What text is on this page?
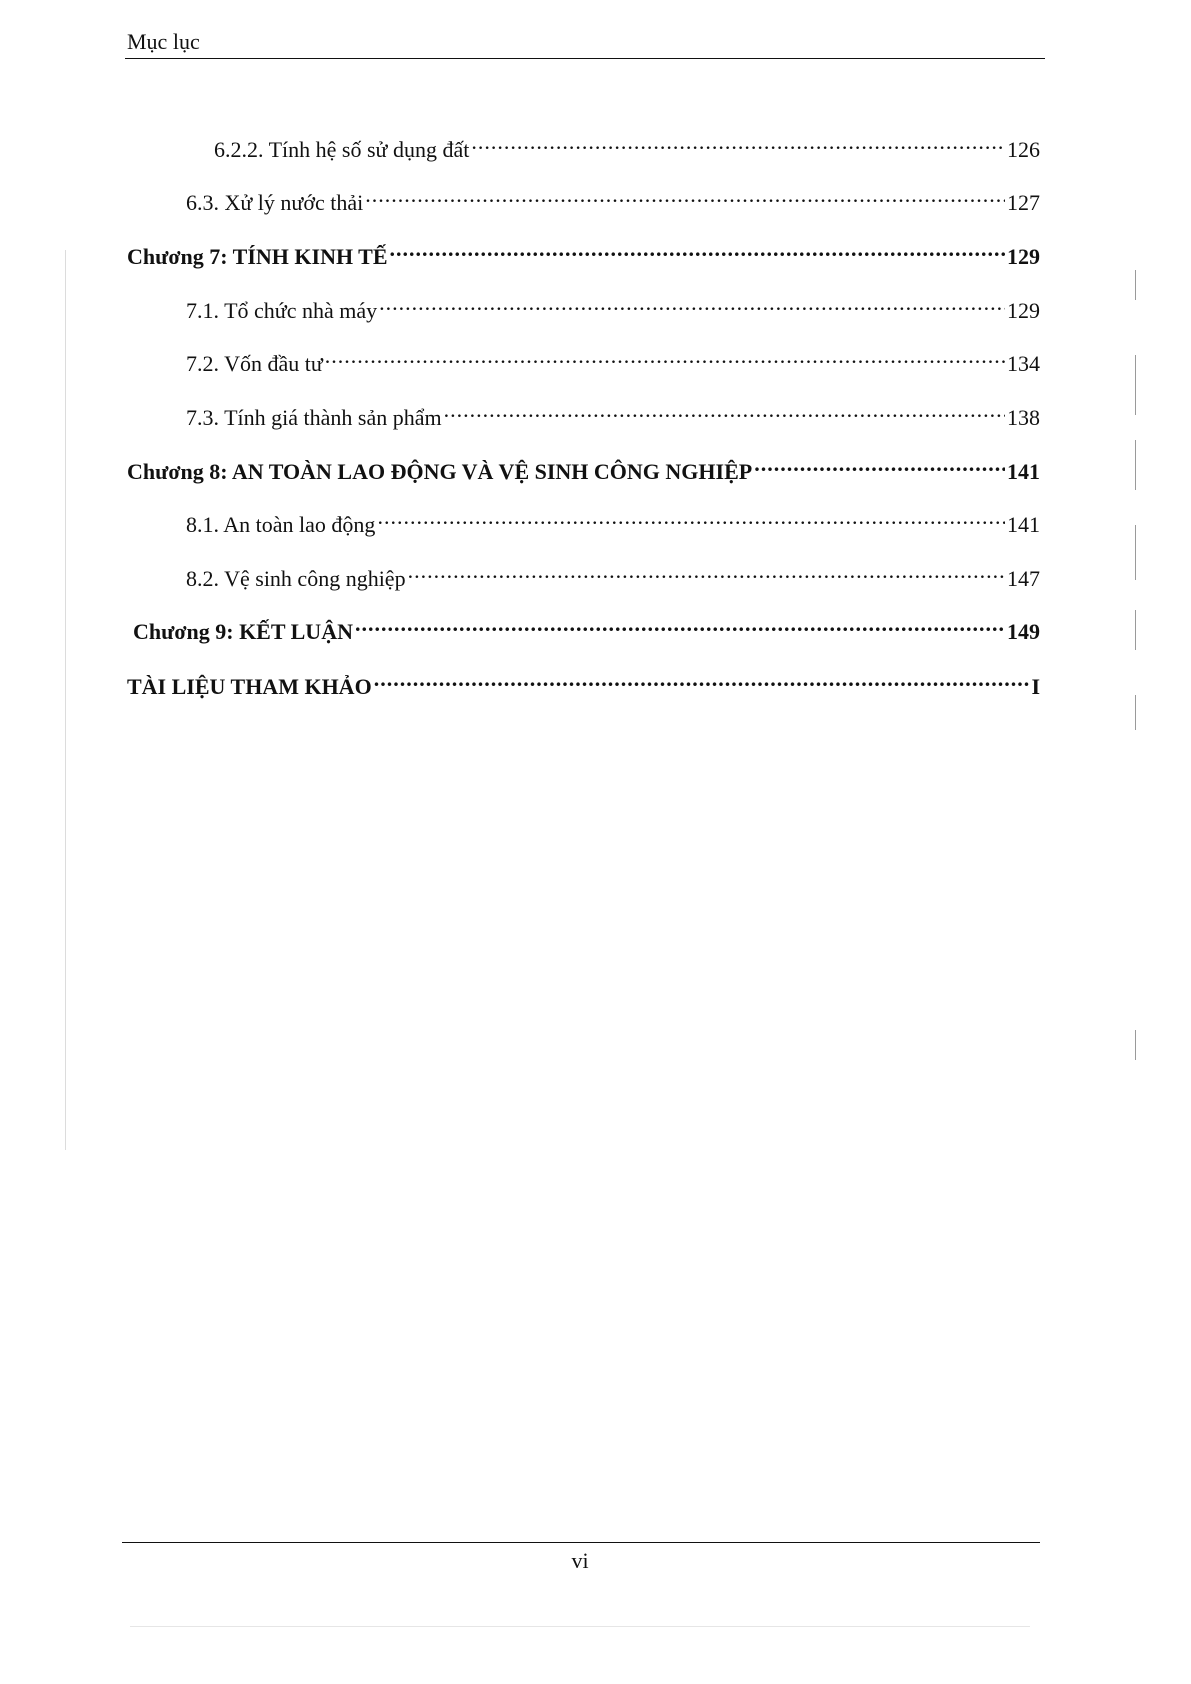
Mục lục
6.2.2. Tính hệ số sử dụng đất .....	126
6.3. Xử lý nước thải .....	127
Chương 7: TÍNH KINH TẾ .....	129
7.1. Tổ chức nhà máy .....	129
7.2. Vốn đầu tư .....	134
7.3. Tính giá thành sản phẩm .....	138
Chương 8: AN TOÀN LAO ĐỘNG VÀ VỆ SINH CÔNG NGHIỆP .....	141
8.1. An toàn lao động .....	141
8.2. Vệ sinh công nghiệp .....	147
Chương 9: KẾT LUẬN .....	149
TÀI LIỆU THAM KHẢO .....	I
vi
